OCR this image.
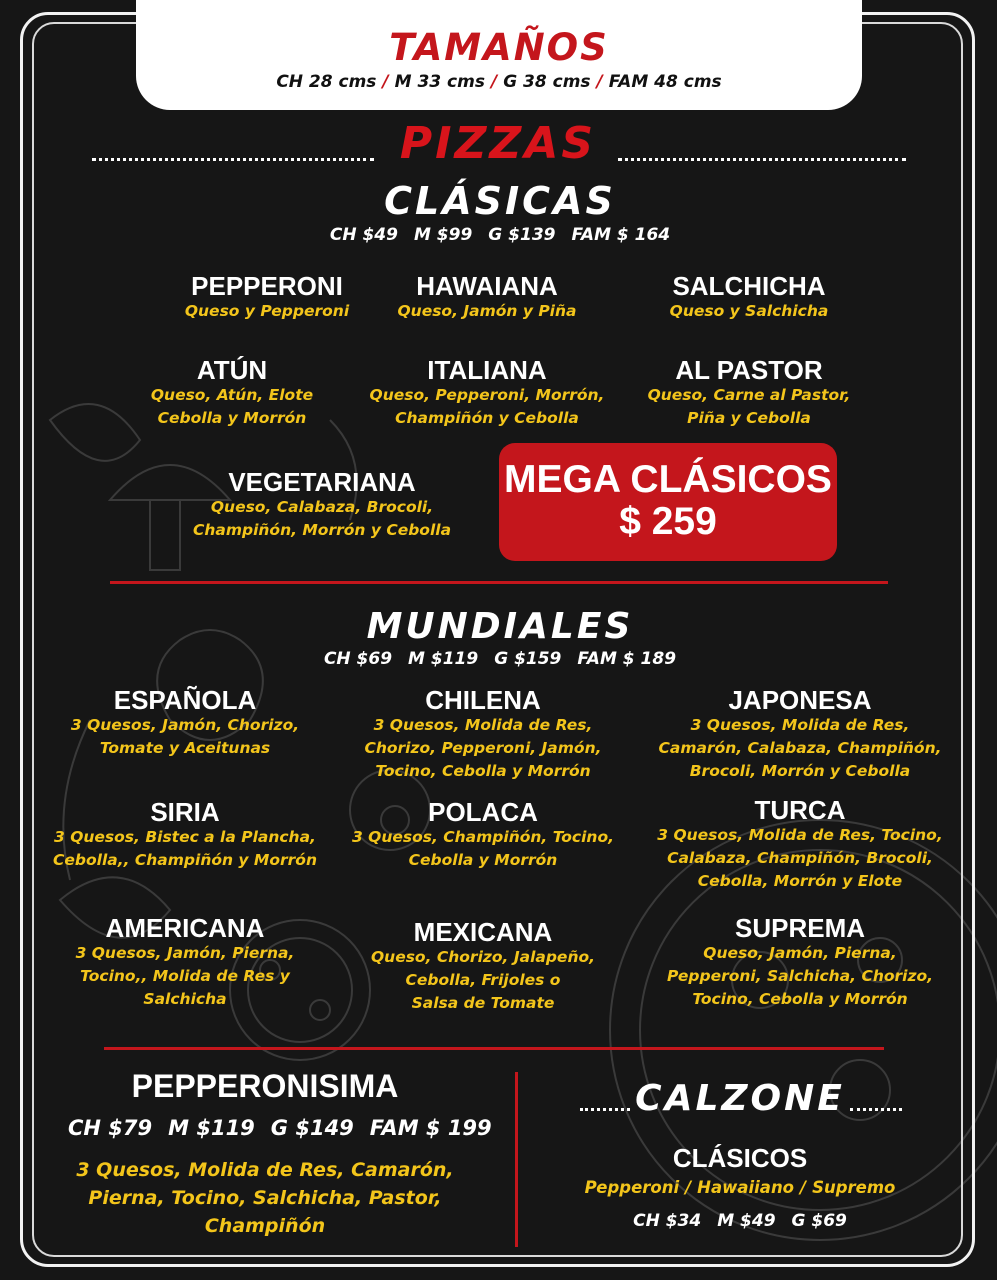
TAMAÑOS
CH 28 cms / M 33 cms / G 38 cms / FAM 48 cms
PIZZAS
CLÁSICAS
CH $49 M $99 G $139 FAM $ 164
PEPPERONI
Queso y Pepperoni
HAWAIANA
Queso, Jamón y Piña
SALCHICHA
Queso y Salchicha
ATÚN
Queso, Atún, Elote
Cebolla y Morrón
ITALIANA
Queso, Pepperoni, Morrón,
Champiñón y Cebolla
AL PASTOR
Queso, Carne al Pastor,
Piña y Cebolla
VEGETARIANA
Queso, Calabaza, Brocoli,
Champiñón, Morrón y Cebolla
MEGA CLÁSICOS
$ 259
MUNDIALES
CH $69 M $119 G $159 FAM $ 189
ESPAÑOLA
3 Quesos, Jamón, Chorizo,
Tomate y Aceitunas
CHILENA
3 Quesos, Molida de Res,
Chorizo, Pepperoni, Jamón,
Tocino, Cebolla y Morrón
JAPONESA
3 Quesos, Molida de Res,
Camarón, Calabaza, Champiñón,
Brocoli, Morrón y Cebolla
SIRIA
3 Quesos, Bistec a la Plancha,
Cebolla,, Champiñón y Morrón
POLACA
3 Quesos, Champiñón, Tocino,
Cebolla y Morrón
TURCA
3 Quesos, Molida de Res, Tocino,
Calabaza, Champiñón, Brocoli,
Cebolla, Morrón y Elote
AMERICANA
3 Quesos, Jamón, Pierna,
Tocino,, Molida de Res y
Salchicha
MEXICANA
Queso, Chorizo, Jalapeño,
Cebolla, Frijoles o
Salsa de Tomate
SUPREMA
Queso, Jamón, Pierna,
Pepperoni, Salchicha, Chorizo,
Tocino, Cebolla y Morrón
PEPPERONISIMA
CH $79 M $119 G $149 FAM $ 199
3 Quesos, Molida de Res, Camarón,
Pierna, Tocino, Salchicha, Pastor,
Champiñón
CALZONE
CLÁSICOS
Pepperoni / Hawaiiano / Supremo
CH $34 M $49 G $69
